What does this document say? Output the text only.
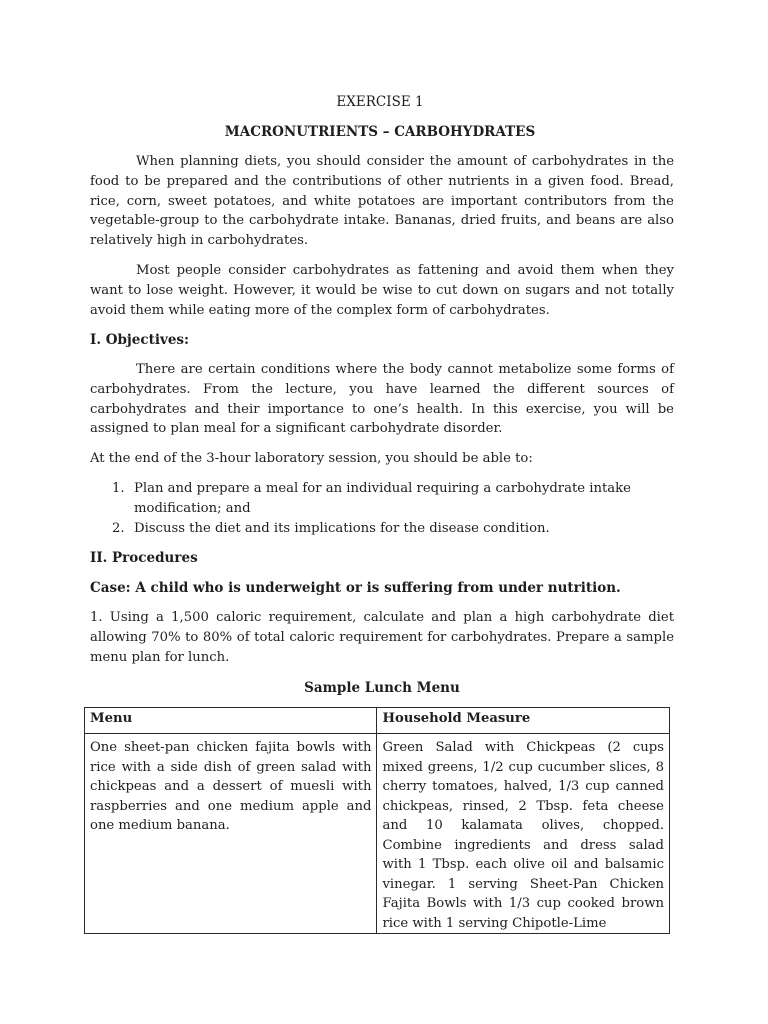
EXERCISE 1
MACRONUTRIENTS – CARBOHYDRATES

When planning diets, you should consider the amount of carbohydrates in the food to be prepared and the contributions of other nutrients in a given food. Bread, rice, corn, sweet potatoes, and white potatoes are important contributors from the vegetable-group to the carbohydrate intake. Bananas, dried fruits, and beans are also relatively high in carbohydrates.

Most people consider carbohydrates as fattening and avoid them when they want to lose weight. However, it would be wise to cut down on sugars and not totally avoid them while eating more of the complex form of carbohydrates.

I. Objectives:

There are certain conditions where the body cannot metabolize some forms of carbohydrates. From the lecture, you have learned the different sources of carbohydrates and their importance to one’s health. In this exercise, you will be assigned to plan meal for a significant carbohydrate disorder.

At the end of the 3-hour laboratory session, you should be able to:

1. Plan and prepare a meal for an individual requiring a carbohydrate intake modification; and
2. Discuss the diet and its implications for the disease condition.
II. Procedures
Case: A child who is underweight or is suffering from under nutrition.

1. Using a 1,500 caloric requirement, calculate and plan a high carbohydrate diet allowing 70% to 80% of total caloric requirement for carbohydrates. Prepare a sample menu plan for lunch.

Sample Lunch Menu
Menu	Household Measure
One sheet-pan chicken fajita bowls with rice with a side dish of green salad with chickpeas and a dessert of muesli with raspberries and one medium apple and one medium banana.	Green Salad with Chickpeas (2 cups mixed greens, 1/2 cup cucumber slices, 8 cherry tomatoes, halved, 1/3 cup canned chickpeas, rinsed, 2 Tbsp. feta cheese and 10 kalamata olives, chopped. Combine ingredients and dress salad with 1 Tbsp. each olive oil and balsamic vinegar. 1 serving Sheet-Pan Chicken Fajita Bowls with 1/3 cup cooked brown rice with 1 serving Chipotle-Lime
